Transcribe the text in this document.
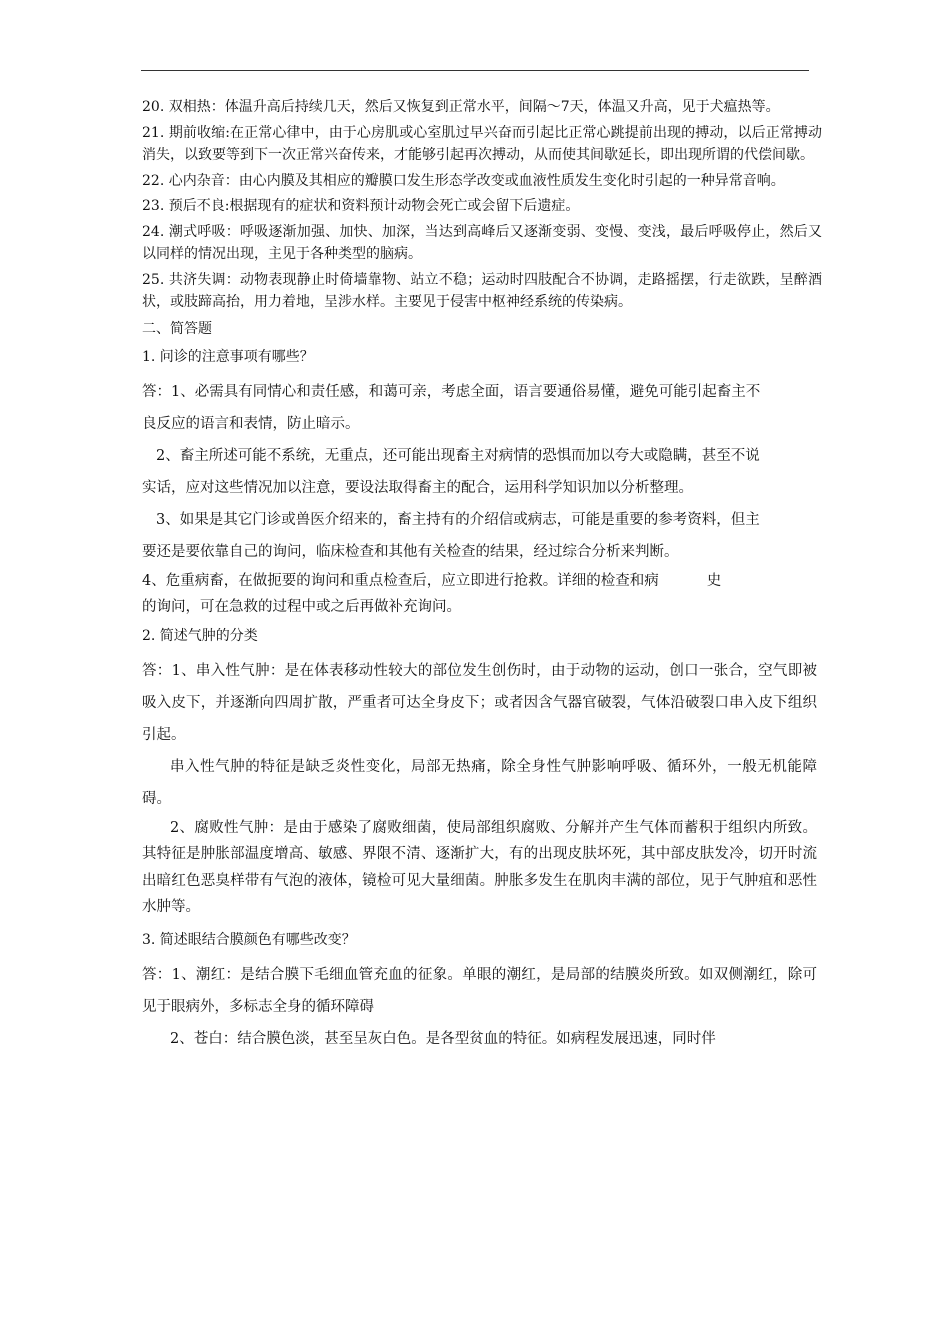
20. 双相热：体温升高后持续几天，然后又恢复到正常水平，间隔～7天，体温又升高，见于犬瘟热等。

21. 期前收缩:在正常心律中，由于心房肌或心室肌过早兴奋而引起比正常心跳提前出现的搏动，以后正常搏动消失，以致要等到下一次正常兴奋传来，才能够引起再次搏动，从而使其间歇延长，即出现所谓的代偿间歇。

22. 心内杂音：由心内膜及其相应的瓣膜口发生形态学改变或血液性质发生变化时引起的一种异常音响。

23. 预后不良:根据现有的症状和资料预计动物会死亡或会留下后遗症。

24. 潮式呼吸：呼吸逐渐加强、加快、加深，当达到高峰后又逐渐变弱、变慢、变浅，最后呼吸停止，然后又以同样的情况出现，主见于各种类型的脑病。

25. 共济失调：动物表现静止时倚墙靠物、站立不稳；运动时四肢配合不协调，走路摇摆，行走欲跌，呈醉酒状，或肢蹄高抬，用力着地，呈涉水样。主要见于侵害中枢神经系统的传染病。

二、简答题

1. 问诊的注意事项有哪些？

答：1、必需具有同情心和责任感，和蔼可亲，考虑全面，语言要通俗易懂，避免可能引起畜主不良反应的语言和表情，防止暗示。

2、畜主所述可能不系统，无重点，还可能出现畜主对病情的恐惧而加以夸大或隐瞒，甚至不说实话，应对这些情况加以注意，要设法取得畜主的配合，运用科学知识加以分析整理。

3、如果是其它门诊或兽医介绍来的，畜主持有的介绍信或病志，可能是重要的参考资料，但主要还是要依靠自己的询问，临床检查和其他有关检查的结果，经过综合分析来判断。

4、危重病畜，在做扼要的询问和重点检查后，应立即进行抢救。详细的检查和病	史

的询问，可在急救的过程中或之后再做补充询问。

2. 简述气肿的分类

答：1、串入性气肿：是在体表移动性较大的部位发生创伤时，由于动物的运动，创口一张合，空气即被吸入皮下，并逐渐向四周扩散，严重者可达全身皮下；或者因含气器官破裂，气体沿破裂口串入皮下组织引起。

串入性气肿的特征是缺乏炎性变化，局部无热痛，除全身性气肿影响呼吸、循环外，一般无机能障碍。

2、腐败性气肿：是由于感染了腐败细菌，使局部组织腐败、分解并产生气体而蓄积于组织内所致。其特征是肿胀部温度增高、敏感、界限不清、逐渐扩大，有的出现皮肤坏死，其中部皮肤发冷，切开时流出暗红色恶臭样带有气泡的液体，镜检可见大量细菌。肿胀多发生在肌肉丰满的部位，见于气肿疽和恶性水肿等。

3. 简述眼结合膜颜色有哪些改变？

答：1、潮红：是结合膜下毛细血管充血的征象。单眼的潮红，是局部的结膜炎所致。如双侧潮红，除可见于眼病外，多标志全身的循环障碍

2、苍白：结合膜色淡，甚至呈灰白色。是各型贫血的特征。如病程发展迅速，同时伴
